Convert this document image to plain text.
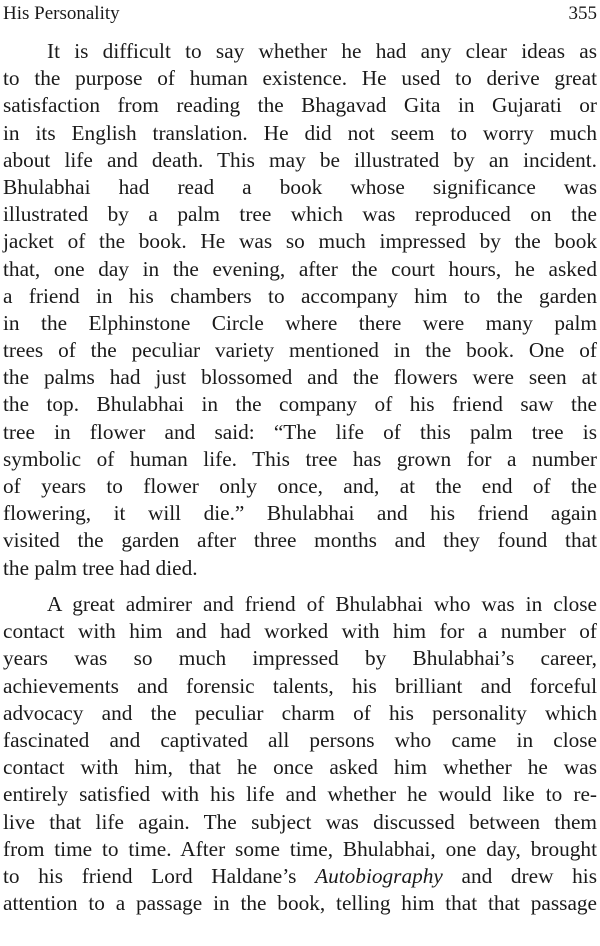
His Personality	355
It is difficult to say whether he had any clear ideas as
to the purpose of human existence. He used to derive great
satisfaction from reading the Bhagavad Gita in Gujarati or
in its English translation. He did not seem to worry much
about life and death. This may be illustrated by an incident.
Bhulabhai had read a book whose significance was
illustrated by a palm tree which was reproduced on the
jacket of the book. He was so much impressed by the book
that, one day in the evening, after the court hours, he asked
a friend in his chambers to accompany him to the garden
in the Elphinstone Circle where there were many palm
trees of the peculiar variety mentioned in the book. One of
the palms had just blossomed and the flowers were seen at
the top. Bhulabhai in the company of his friend saw the
tree in flower and said: “The life of this palm tree is
symbolic of human life. This tree has grown for a number
of years to flower only once, and, at the end of the
flowering, it will die.” Bhulabhai and his friend again
visited the garden after three months and they found that
the palm tree had died.
A great admirer and friend of Bhulabhai who was in close
contact with him and had worked with him for a number of
years was so much impressed by Bhulabhai’s career,
achievements and forensic talents, his brilliant and forceful
advocacy and the peculiar charm of his personality which
fascinated and captivated all persons who came in close
contact with him, that he once asked him whether he was
entirely satisfied with his life and whether he would like to re-
live that life again. The subject was discussed between them
from time to time. After some time, Bhulabhai, one day, brought
to his friend Lord Haldane’s Autobiography and drew his
attention to a passage in the book, telling him that that passage
